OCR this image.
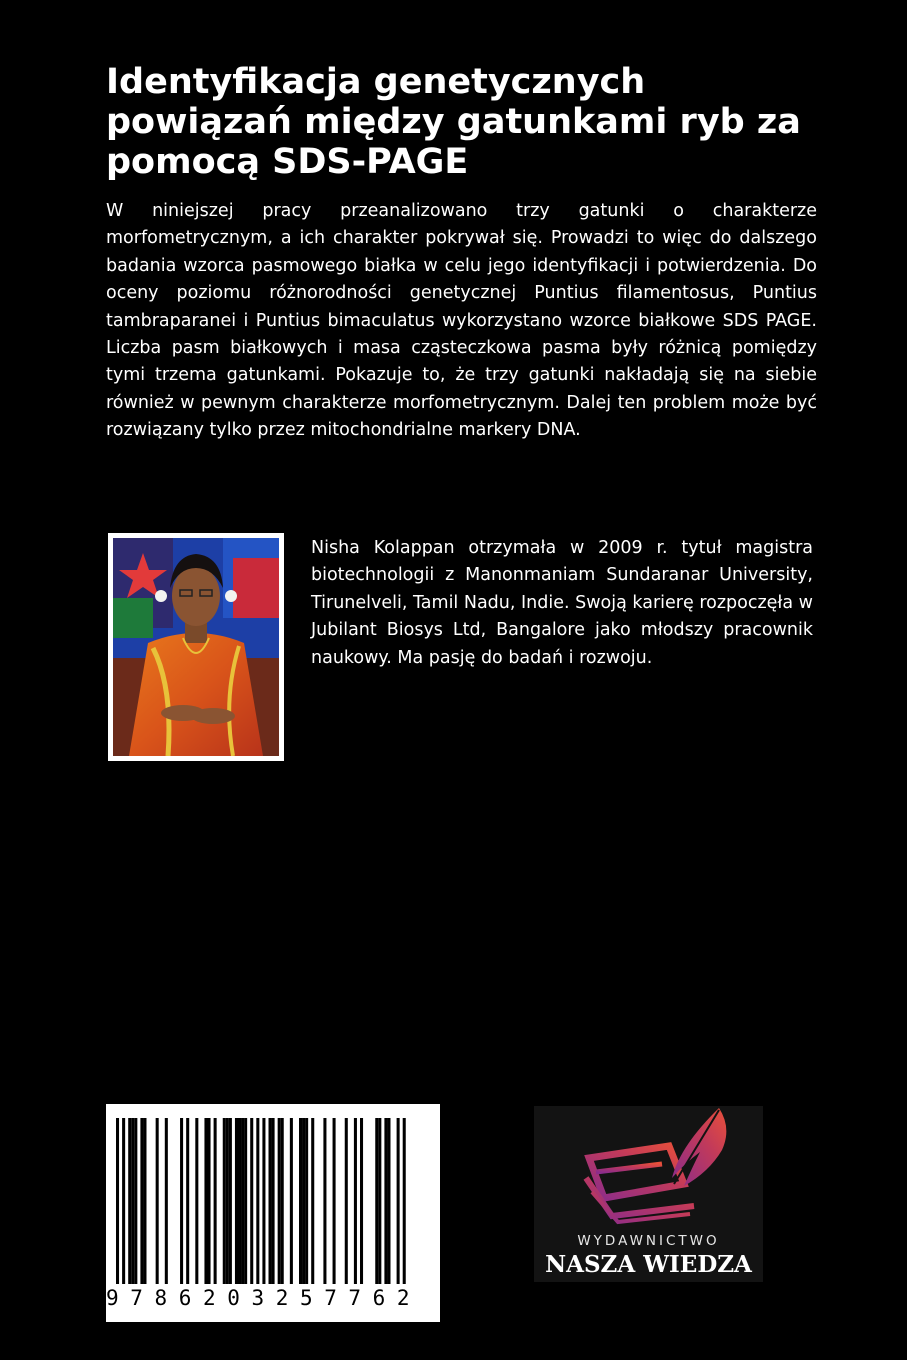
Identyfikacja genetycznych powiązań między gatunkami ryb za pomocą SDS-PAGE

W niniejszej pracy przeanalizowano trzy gatunki o charakterze morfometrycznym, a ich charakter pokrywał się. Prowadzi to więc do dalszego badania wzorca pasmowego białka w celu jego identyfikacji i potwierdzenia. Do oceny poziomu różnorodności genetycznej Puntius filamentosus, Puntius tambraparanei i Puntius bimaculatus wykorzystano wzorce białkowe SDS PAGE. Liczba pasm białkowych i masa cząsteczkowa pasma były różnicą pomiędzy tymi trzema gatunkami. Pokazuje to, że trzy gatunki nakładają się na siebie również w pewnym charakterze morfometrycznym. Dalej ten problem może być rozwiązany tylko przez mitochondrialne markery DNA.

Nisha Kolappan otrzymała w 2009 r. tytuł magistra biotechnologii z Manonmaniam Sundaranar University, Tirunelveli, Tamil Nadu, Indie. Swoją karierę rozpoczęła w Jubilant Biosys Ltd, Bangalore jako młodszy pracownik naukowy. Ma pasję do badań i rozwoju.

9786203257762
WYDAWNICTWO
NASZA WIEDZA
